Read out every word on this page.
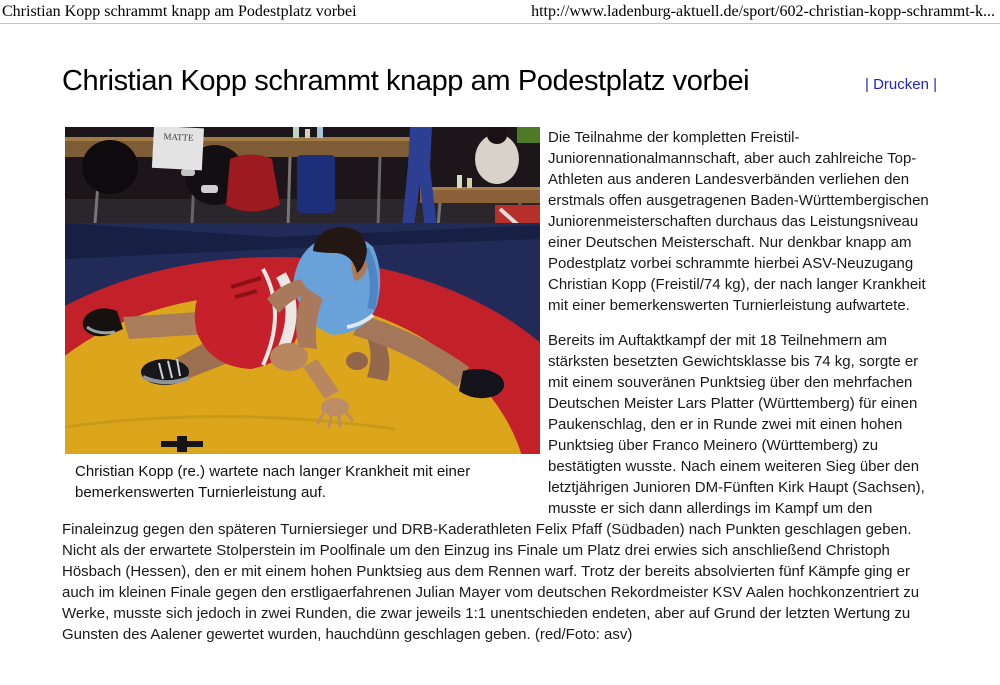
Christian Kopp schrammt knapp am Podestplatz vorbei	http://www.ladenburg-aktuell.de/sport/602-christian-kopp-schrammt-k...
Christian Kopp schrammt knapp am Podestplatz vorbei	| Drucken |
MATTE
Christian Kopp (re.) wartete nach langer Krankheit mit einer bemerkenswerten Turnierleistung auf.

Die Teilnahme der kompletten Freistil-Juniorennationalmannschaft, aber auch zahlreiche Top-Athleten aus anderen Landesverbänden verliehen den erstmals offen ausgetragenen Baden-Württembergischen Juniorenmeisterschaften durchaus das Leistungsniveau einer Deutschen Meisterschaft. Nur denkbar knapp am Podestplatz vorbei schrammte hierbei ASV-Neuzugang Christian Kopp (Freistil/74 kg), der nach langer Krankheit mit einer bemerkenswerten Turnierleistung aufwartete.

Bereits im Auftaktkampf der mit 18 Teilnehmern am stärksten besetzten Gewichtsklasse bis 74 kg, sorgte er mit einem souveränen Punktsieg über den mehrfachen Deutschen Meister Lars Platter (Württemberg) für einen Paukenschlag, den er in Runde zwei mit einen hohen Punktsieg über Franco Meinero (Württemberg) zu bestätigten wusste. Nach einem weiteren Sieg über den letztjährigen Junioren DM-Fünften Kirk Haupt (Sachsen), musste er sich dann allerdings im Kampf um den Finaleinzug gegen den späteren Turniersieger und DRB-Kaderathleten Felix Pfaff (Südbaden) nach Punkten geschlagen geben. Nicht als der erwartete Stolperstein im Poolfinale um den Einzug ins Finale um Platz drei erwies sich anschließend Christoph Hösbach (Hessen), den er mit einem hohen Punktsieg aus dem Rennen warf. Trotz der bereits absolvierten fünf Kämpfe ging er auch im kleinen Finale gegen den erstligaerfahrenen Julian Mayer vom deutschen Rekordmeister KSV Aalen hochkonzentriert zu Werke, musste sich jedoch in zwei Runden, die zwar jeweils 1:1 unentschieden endeten, aber auf Grund der letzten Wertung zu Gunsten des Aalener gewertet wurden, hauchdünn geschlagen geben. (red/Foto: asv)
